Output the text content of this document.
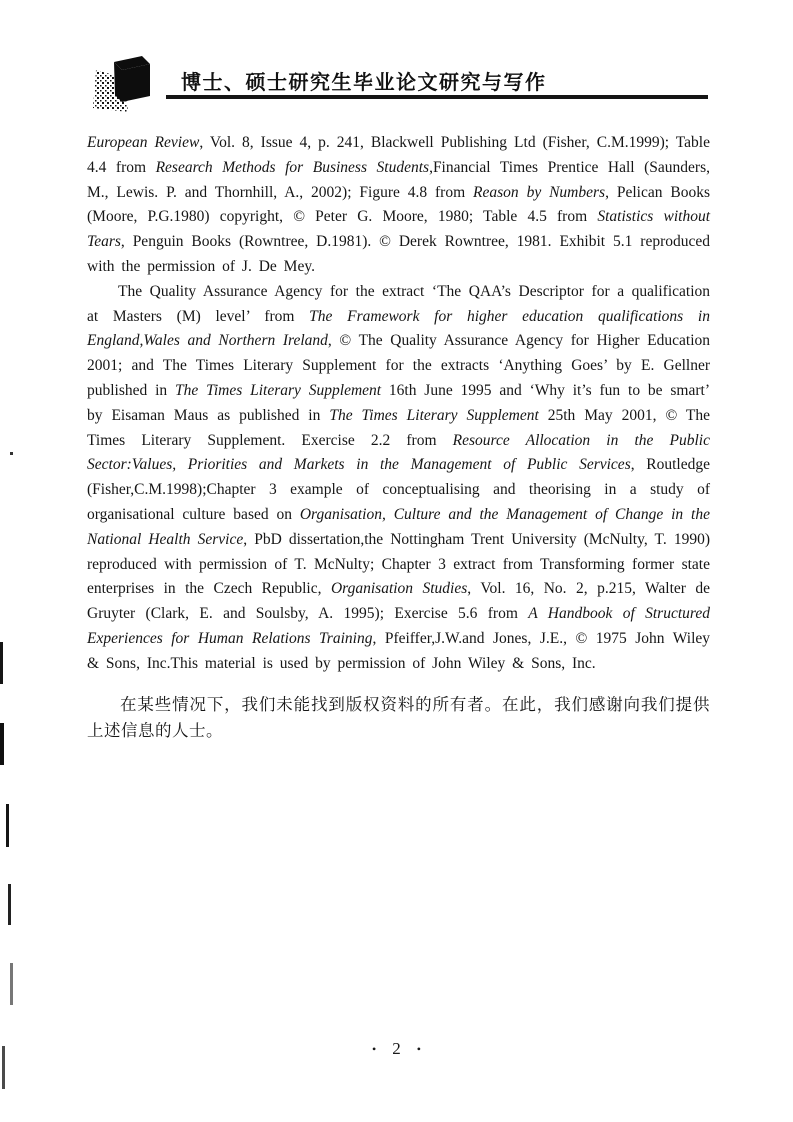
博士、硕士研究生毕业论文研究与写作

European Review, Vol. 8, Issue 4, p. 241, Blackwell Publishing Ltd (Fisher, C.M.1999); Table 4.4 from Research Methods for Business Students,Financial Times Prentice Hall (Saunders, M., Lewis. P. and Thornhill, A., 2002); Figure 4.8 from Reason by Numbers, Pelican Books (Moore, P.G.1980) copyright, © Peter G. Moore, 1980; Table 4.5 from Statistics without Tears, Penguin Books (Rowntree, D.1981). © Derek Rowntree, 1981. Exhibit 5.1 reproduced with the permission of J. De Mey.

The Quality Assurance Agency for the extract ‘The QAA’s Descriptor for a qualification at Masters (M) level’ from The Framework for higher education qualifications in England,Wales and Northern Ireland, © The Quality Assurance Agency for Higher Education 2001; and The Times Literary Supplement for the extracts ‘Anything Goes’ by E. Gellner published in The Times Literary Supplement 16th June 1995 and ‘Why it’s fun to be smart’ by Eisaman Maus as published in The Times Literary Supplement 25th May 2001, © The Times Literary Supplement. Exercise 2.2 from Resource Allocation in the Public Sector:Values, Priorities and Markets in the Management of Public Services, Routledge (Fisher,C.M.1998);Chapter 3 example of conceptualising and theorising in a study of organisational culture based on Organisation, Culture and the Management of Change in the National Health Service, PbD dissertation,the Nottingham Trent University (McNulty, T. 1990) reproduced with permission of T. McNulty; Chapter 3 extract from Transforming former state enterprises in the Czech Republic, Organisation Studies, Vol. 16, No. 2, p.215, Walter de Gruyter (Clark, E. and Soulsby, A. 1995); Exercise 5.6 from A Handbook of Structured Experiences for Human Relations Training, Pfeiffer,J.W.and Jones, J.E., © 1975 John Wiley & Sons, Inc.This material is used by permission of John Wiley & Sons, Inc.

在某些情况下，我们未能找到版权资料的所有者。在此，我们感谢向我们提供上述信息的人士。

• 2 •
